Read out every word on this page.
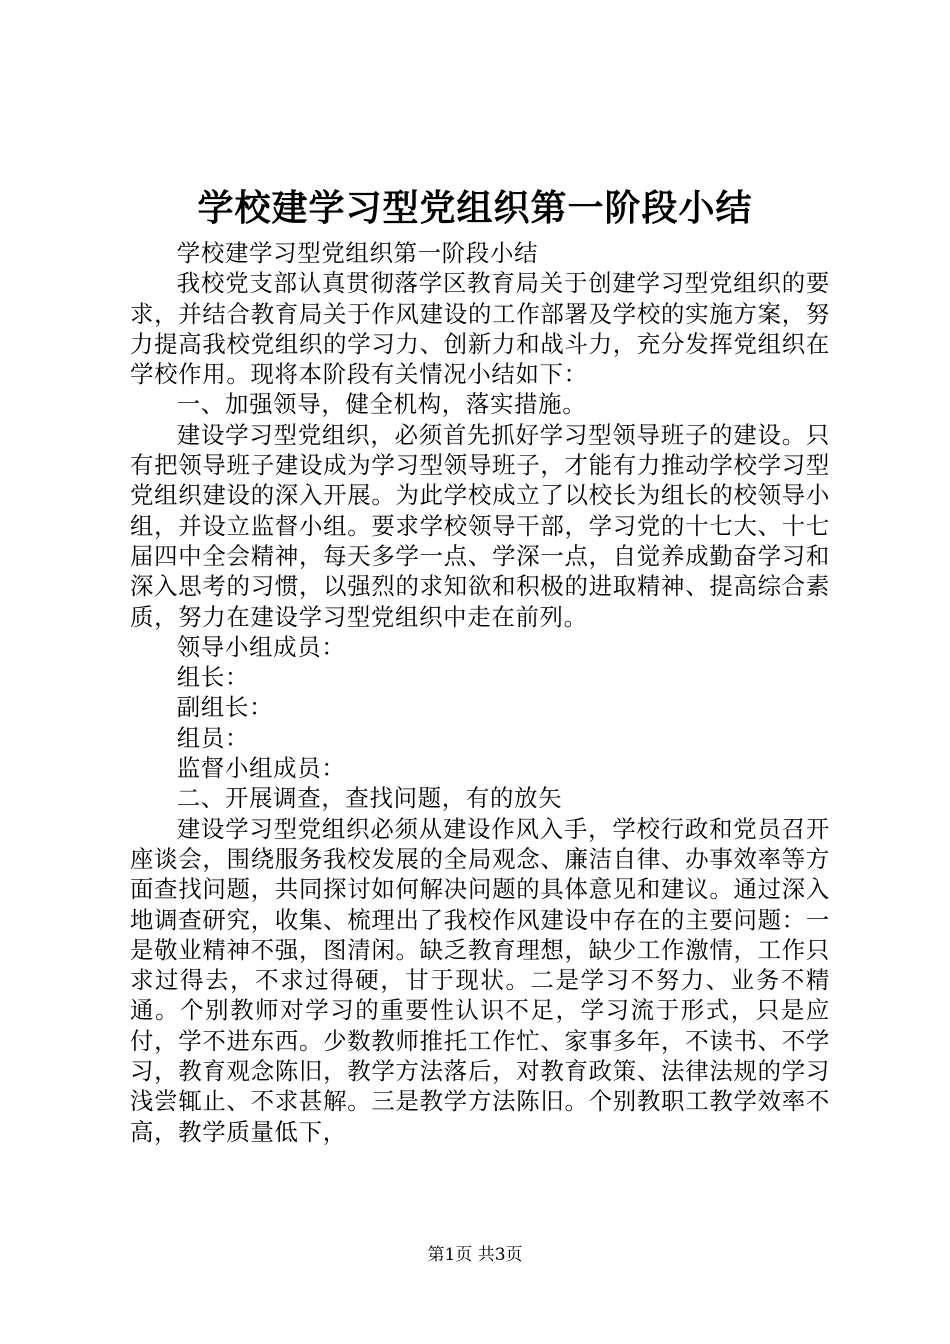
学校建学习型党组织第一阶段小结

学校建学习型党组织第一阶段小结

我校党支部认真贯彻落学区教育局关于创建学习型党组织的要求，并结合教育局关于作风建设的工作部署及学校的实施方案，努力提高我校党组织的学习力、创新力和战斗力，充分发挥党组织在学校作用。现将本阶段有关情况小结如下：

一、加强领导，健全机构，落实措施。

建设学习型党组织，必须首先抓好学习型领导班子的建设。只有把领导班子建设成为学习型领导班子，才能有力推动学校学习型党组织建设的深入开展。为此学校成立了以校长为组长的校领导小组，并设立监督小组。要求学校领导干部，学习党的十七大、十七届四中全会精神，每天多学一点、学深一点，自觉养成勤奋学习和深入思考的习惯，以强烈的求知欲和积极的进取精神、提高综合素质，努力在建设学习型党组织中走在前列。

领导小组成员：

组长：

副组长：

组员：

监督小组成员：

二、开展调查，查找问题，有的放矢

建设学习型党组织必须从建设作风入手，学校行政和党员召开座谈会，围绕服务我校发展的全局观念、廉洁自律、办事效率等方面查找问题，共同探讨如何解决问题的具体意见和建议。通过深入地调查研究，收集、梳理出了我校作风建设中存在的主要问题：一是敬业精神不强，图清闲。缺乏教育理想，缺少工作激情，工作只求过得去，不求过得硬，甘于现状。二是学习不努力、业务不精通。个别教师对学习的重要性认识不足，学习流于形式，只是应付，学不进东西。少数教师推托工作忙、家事多年，不读书、不学习，教育观念陈旧，教学方法落后，对教育政策、法律法规的学习浅尝辄止、不求甚解。三是教学方法陈旧。个别教职工教学效率不高，教学质量低下，

第1页 共3页
